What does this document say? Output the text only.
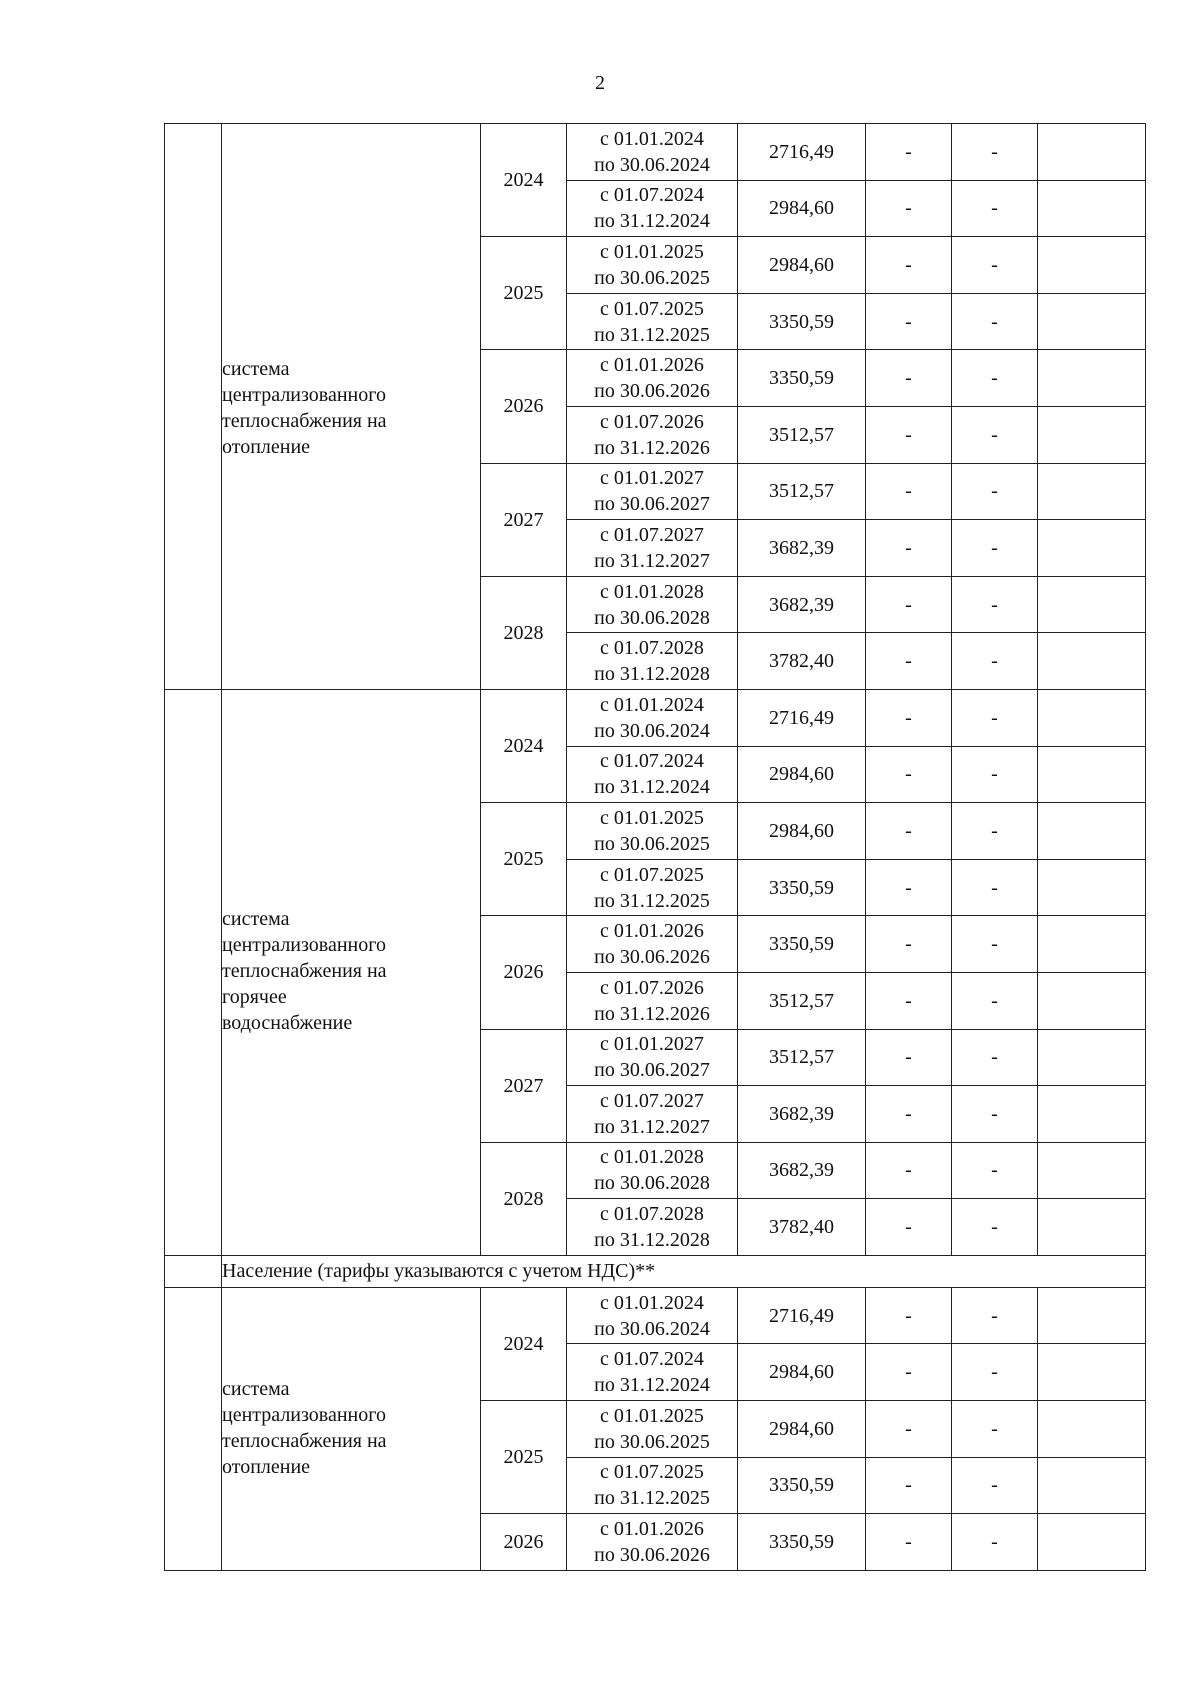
2

	система
централизованного
теплоснабжения на
отопление	2024	с 01.01.2024
по 30.06.2024	2716,49	-	-	

			с 01.07.2024
по 31.12.2024	2984,60	-	-	
		2025	с 01.01.2025
по 30.06.2025	2984,60	-	-	

			с 01.07.2025
по 31.12.2025	3350,59	-	-	
		2026	с 01.01.2026
по 30.06.2026	3350,59	-	-	

			с 01.07.2026
по 31.12.2026	3512,57	-	-	
		2027	с 01.01.2027
по 30.06.2027	3512,57	-	-	

			с 01.07.2027
по 31.12.2027	3682,39	-	-	
		2028	с 01.01.2028
по 30.06.2028	3682,39	-	-	

			с 01.07.2028
по 31.12.2028	3782,40	-	-	

	система
централизованного
теплоснабжения на
горячее
водоснабжение	2024	с 01.01.2024
по 30.06.2024	2716,49	-	-	

			с 01.07.2024
по 31.12.2024	2984,60	-	-	
		2025	с 01.01.2025
по 30.06.2025	2984,60	-	-	

			с 01.07.2025
по 31.12.2025	3350,59	-	-	
		2026	с 01.01.2026
по 30.06.2026	3350,59	-	-	

			с 01.07.2026
по 31.12.2026	3512,57	-	-	
		2027	с 01.01.2027
по 30.06.2027	3512,57	-	-	

			с 01.07.2027
по 31.12.2027	3682,39	-	-	
		2028	с 01.01.2028
по 30.06.2028	3682,39	-	-	

			с 01.07.2028
по 31.12.2028	3782,40	-	-	
	Население (тарифы указываются с учетом НДС)**						

	система
централизованного
теплоснабжения на
отопление	2024	с 01.01.2024
по 30.06.2024	2716,49	-	-	

			с 01.07.2024
по 31.12.2024	2984,60	-	-	
		2025	с 01.01.2025
по 30.06.2025	2984,60	-	-	

			с 01.07.2025
по 31.12.2025	3350,59	-	-	
		2026	с 01.01.2026
по 30.06.2026	3350,59	-	-	
